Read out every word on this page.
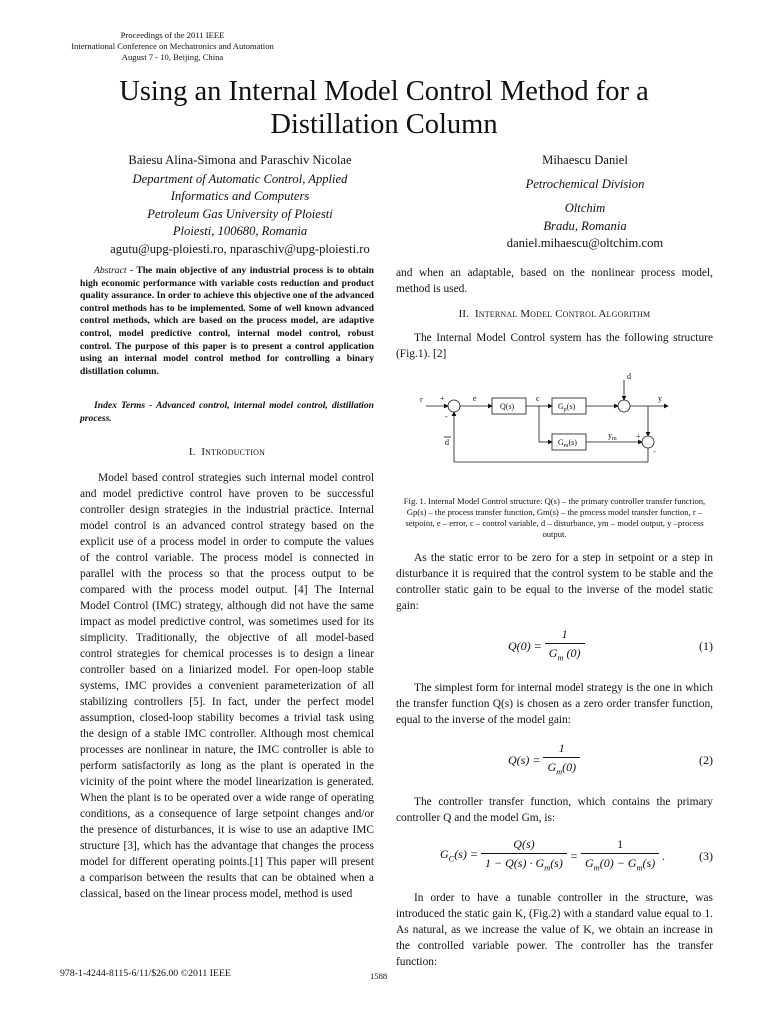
Proceedings of the 2011 IEEE
International Conference on Mechatronics and Automation
August 7 - 10, Beijing, China
Using an Internal Model Control Method for a
Distillation Column
Baiesu Alina-Simona and Paraschiv Nicolae
Department of Automatic Control, Applied
Informatics and Computers
Petroleum Gas University of Ploiesti
Ploiesti, 100680, Romania
agutu@upg-ploiesti.ro, nparaschiv@upg-ploiesti.ro
Mihaescu Daniel
Petrochemical Division
Oltchim
Bradu, Romania
daniel.mihaescu@oltchim.com

Abstract - The main objective of any industrial process is to obtain high economic performance with variable costs reduction and product quality assurance. In order to achieve this objective one of the advanced control methods has to be implemented. Some of well known advanced control methods, which are based on the process model, are adaptive control, model predictive control, internal model control, robust control. The purpose of this paper is to present a control application using an internal model control method for controlling a binary distillation column.

Index Terms - Advanced control, internal model control, distillation process.

I. Introduction

Model based control strategies such internal model control and model predictive control have proven to be successful controller design strategies in the industrial practice. Internal model control is an advanced control strategy based on the explicit use of a process model in order to compute the values of the control variable. The process model is connected in parallel with the process so that the process output to be compared with the process model output. [4] The Internal Model Control (IMC) strategy, although did not have the same impact as model predictive control, was sometimes used for its simplicity. Traditionally, the objective of all model-based control strategies for chemical processes is to design a linear controller based on a liniarized model. For open-loop stable systems, IMC provides a convenient parameterization of all stabilizing controllers [5]. In fact, under the perfect model assumption, closed-loop stability becomes a trivial task using the design of a stable IMC controller. Although most chemical processes are nonlinear in nature, the IMC controller is able to perform satisfactorily as long as the plant is operated in the vicinity of the point where the model linearization is generated. When the plant is to be operated over a wide range of operating conditions, as a consequence of large setpoint changes and/or the presence of disturbances, it is wise to use an adaptive IMC structure [3], which has the advantage that changes the process model for different operating points.[1] This paper will present a comparison between the results that can be obtained when a classical, based on the linear process model, method is used

and when an adaptable, based on the nonlinear process model, method is used.

II. Internal Model Control Algorithm

The Internal Model Control system has the following structure (Fig.1). [2]

r +
-
e
Q(s)
c
$G_p(s)$
$G_m(s)$
d
y
$y_m$ +
-
d

Fig. 1. Internal Model Control structure: Q(s) – the primary controller transfer function, Gp(s) – the process transfer function, Gm(s) – the process model transfer function, r – setpoint, e – error, c – control variable, d – disturbance, ym – model output, y –process output.

As the static error to be zero for a step in setpoint or a step in disturbance it is required that the control system to be stable and the controller static gain to be equal to the inverse of the model static gain:

$Q(0) = \frac{1}{G_m (0)}$	(1)

The simplest form for internal model strategy is the one in which the transfer function Q(s) is chosen as a zero order transfer function, equal to the inverse of the model gain:

$Q(s) = \frac{1}{G_m(0)}$	(2)

The controller transfer function, which contains the primary controller Q and the model Gm, is:

$G_C(s) = \frac{Q(s)}{1 - Q(s) \cdot G_m(s)} = \frac{1}{G_m(0) - G_m(s)}$ .	(3)

In order to have a tunable controller in the structure, was introduced the static gain K, (Fig.2) with a standard value equal to 1. As natural, as we increase the value of K, we obtain an increase in the controlled variable power. The controller has the transfer function:

978-1-4244-8115-6/11/$26.00 ©2011 IEEE	1588
